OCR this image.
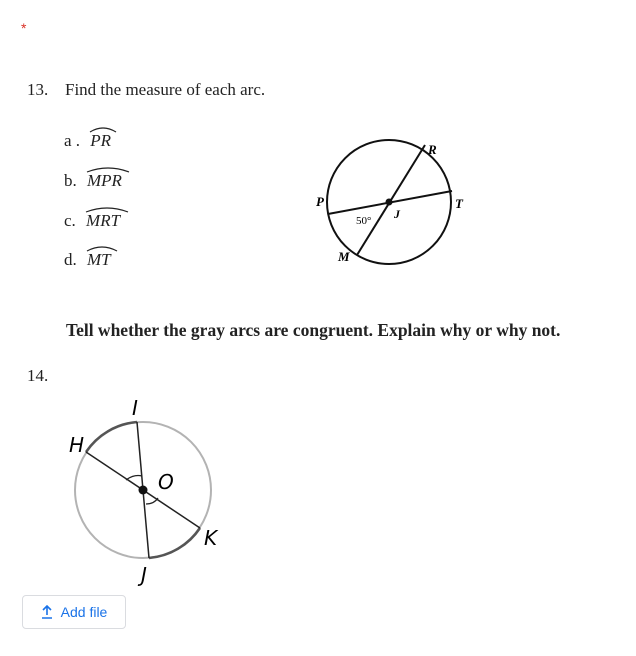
*
13. Find the measure of each arc.
a . PR
b. MPR
c. MRT
d. MT
R
P	T
M
J
50°
Tell whether the gray arcs are congruent. Explain why or why not.
14.
I
H
O
K
J
Add file
